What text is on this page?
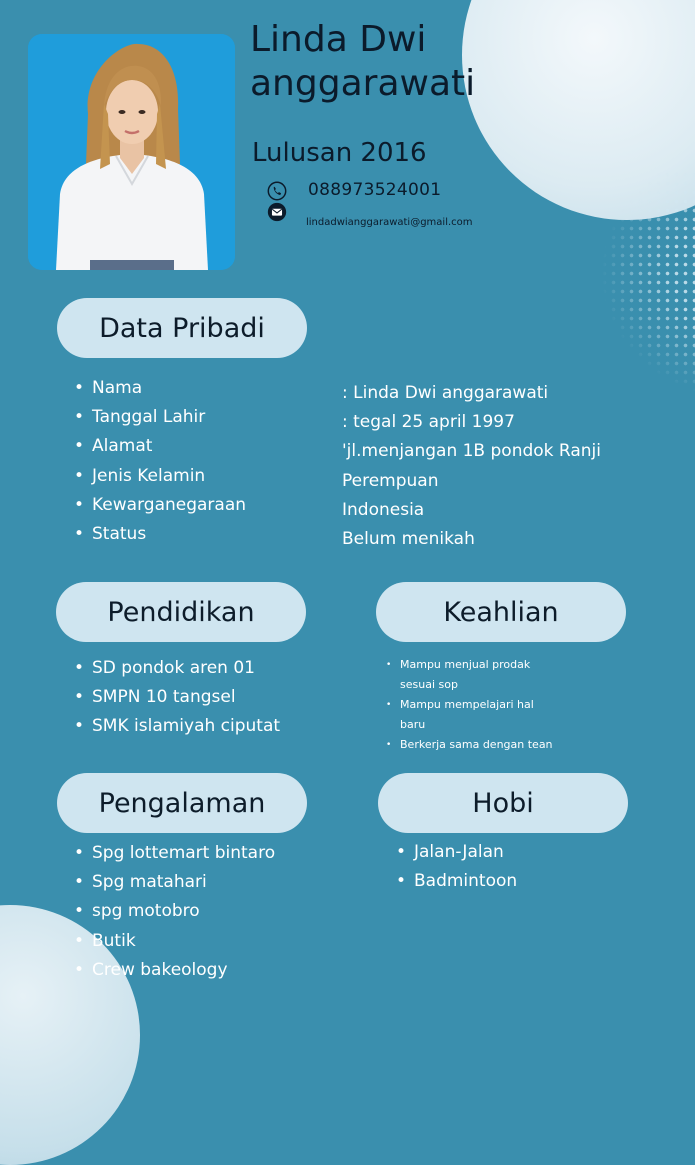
Linda Dwi anggarawati
Lulusan 2016
088973524001
lindadwianggarawati@gmail.com
Data Pribadi
• Nama
• Tanggal Lahir
• Alamat
• Jenis Kelamin
• Kewarganegaraan
• Status
: Linda Dwi anggarawati
: tegal 25 april 1997
'jl.menjangan 1B pondok Ranji
Perempuan
Indonesia
Belum menikah
Pendidikan
• SD pondok aren 01
• SMPN 10 tangsel
• SMK islamiyah ciputat
Keahlian
• Mampu menjual prodak sesuai sop
• Mampu mempelajari hal baru
• Berkerja sama dengan tean
Pengalaman
• Spg lottemart bintaro
• Spg matahari
• spg motobro
• Butik
• Crew bakeology
Hobi
• Jalan-Jalan
• Badmintoon
